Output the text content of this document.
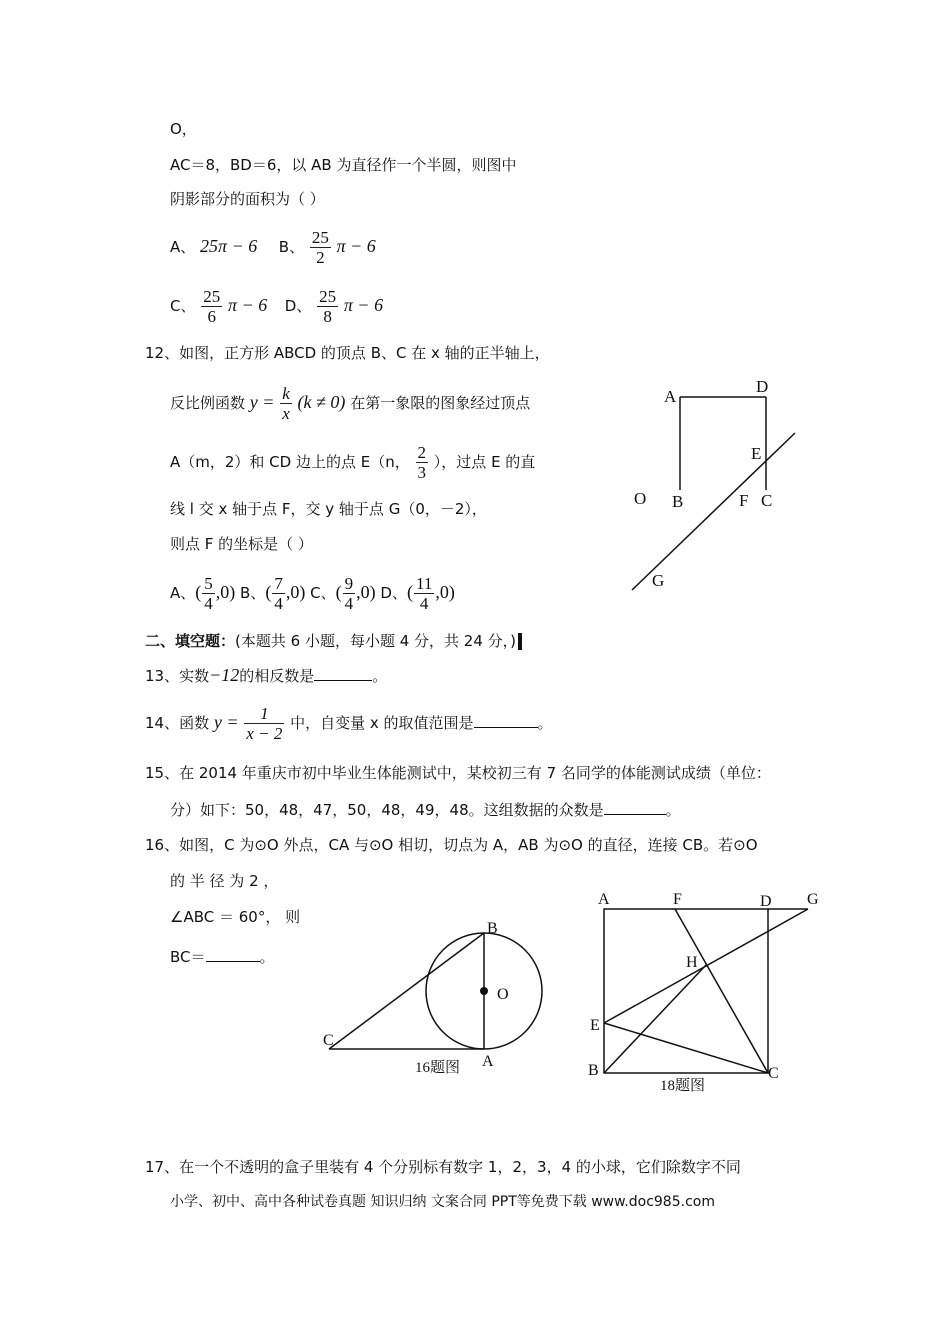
O，
AC＝8，BD＝6，以 AB 为直径作一个半圆，则图中
阴影部分的面积为（ ）
A、 25π − 6 B、 $\frac{25}{2}$ π − 6
C、 $\frac{25}{6}$ π − 6 D、 $\frac{25}{8}$ π − 6
12、如图，正方形 ABCD 的顶点 B、C 在 x 轴的正半轴上，
反比例函数 $y = \frac{k}{x} (k \ne 0)$ 在第一象限的图象经过顶点
A（m，2）和 CD 边上的点 E（n， $\frac{2}{3}$ ），过点 E 的直
线 l 交 x 轴于点 F，交 y 轴于点 G（0，－2），
则点 F 的坐标是（ ）
A、( $\frac{5}{4} ,0$) B、( $\frac{7}{4} ,0$) C、( $\frac{9}{4} ,0$) D、( $\frac{11}{4} ,0$)
A
D
E
O B	F C
G
二、填空题：(本题共 6 小题，每小题 4 分，共 24 分，)
13、实数−12的相反数是	。
14、函数 $y = \frac{1}{x - 2}$ 中，自变量 x 的取值范围是	。
15、在 2014 年重庆市初中毕业生体能测试中，某校初三有 7 名同学的体能测试成绩（单位：
分）如下：50，48，47，50，48，49，48。这组数据的众数是	。
16、如图，C 为⊙O 外点，CA 与⊙O 相切，切点为 A，AB 为⊙O 的直径，连接 CB。若⊙O
的 半 径 为 2 ，
∠ABC ＝ 60°， 则
BC＝	。
B
O
C
A
16题图
A	F	D G
H
E
B	C
18题图
17、在一个不透明的盒子里装有 4 个分别标有数字 1，2，3，4 的小球，它们除数字不同
小学、初中、高中各种试卷真题 知识归纳 文案合同 PPT等免费下载 www.doc985.com
